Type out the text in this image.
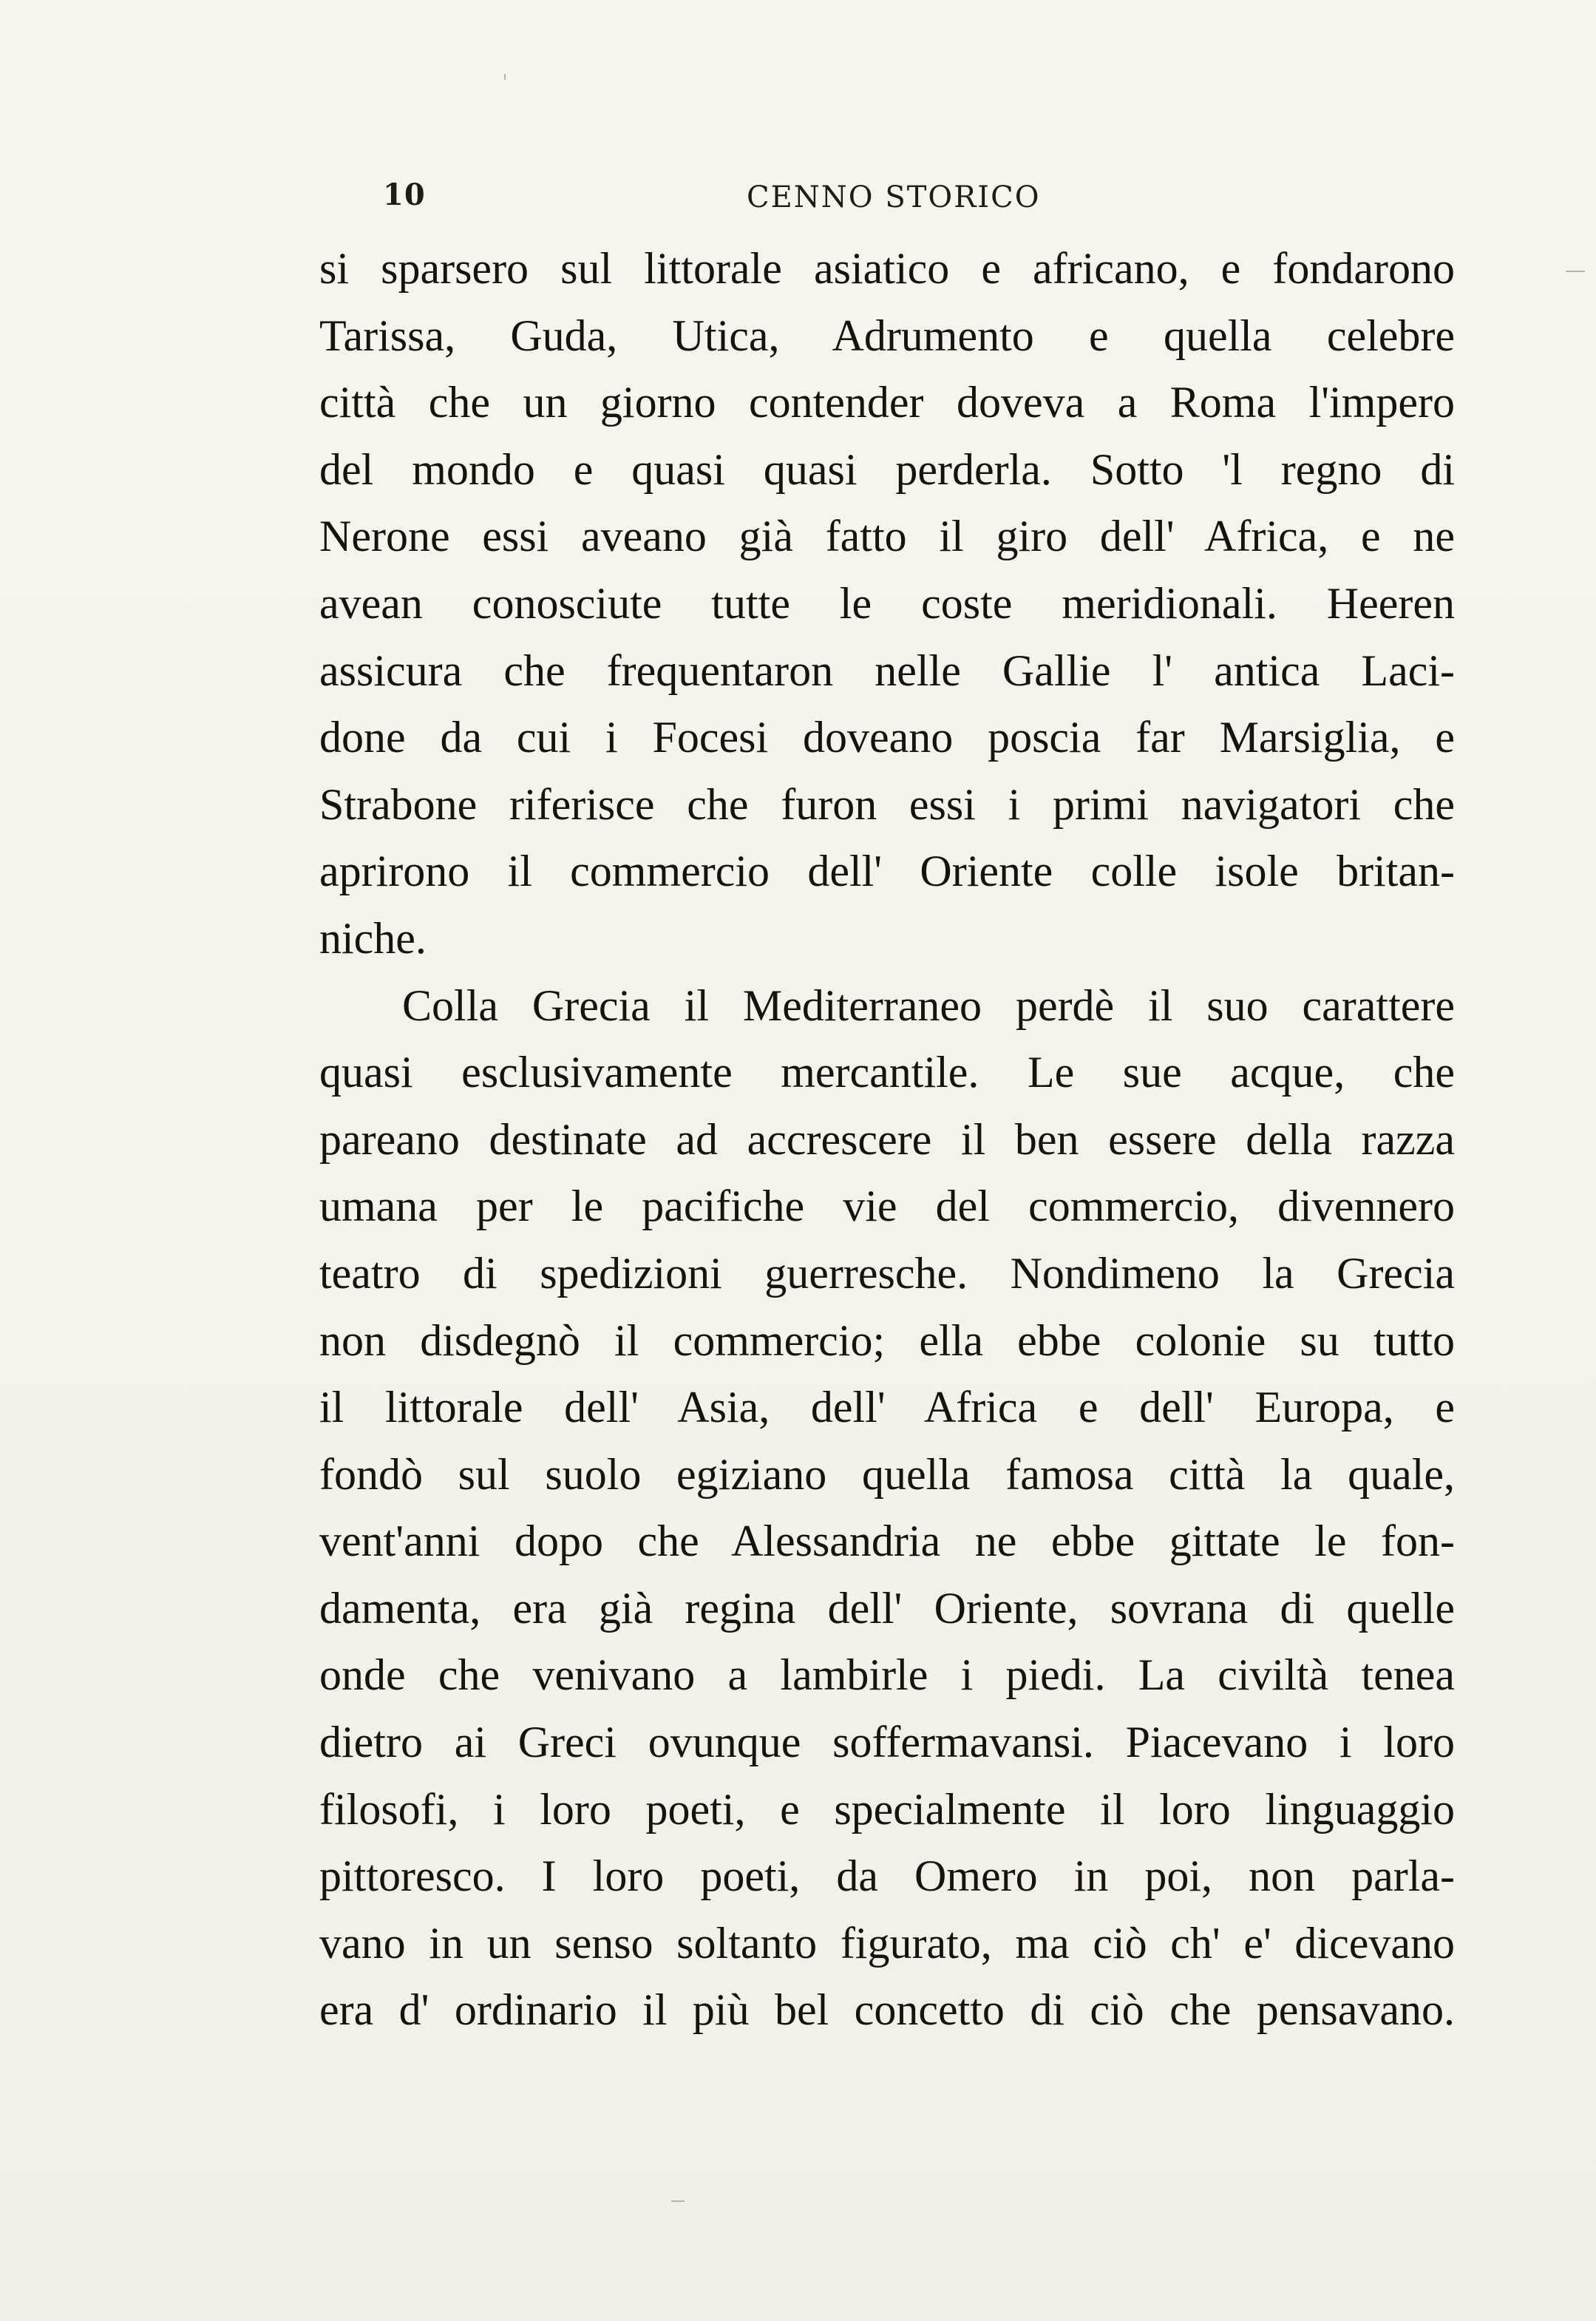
10	CENNO STORICO
si sparsero sul littorale asiatico e africano, e fondarono
Tarissa, Guda, Utica, Adrumento e quella celebre
città che un giorno contender doveva a Roma l'impero
del mondo e quasi quasi perderla. Sotto 'l regno di
Nerone essi aveano già fatto il giro dell' Africa, e ne
avean conosciute tutte le coste meridionali. Heeren
assicura che frequentaron nelle Gallie l' antica Laci-
done da cui i Focesi doveano poscia far Marsiglia, e
Strabone riferisce che furon essi i primi navigatori che
aprirono il commercio dell' Oriente colle isole britan-
niche.
Colla Grecia il Mediterraneo perdè il suo carattere
quasi esclusivamente mercantile. Le sue acque, che
pareano destinate ad accrescere il ben essere della razza
umana per le pacifiche vie del commercio, divennero
teatro di spedizioni guerresche. Nondimeno la Grecia
non disdegnò il commercio; ella ebbe colonie su tutto
il littorale dell' Asia, dell' Africa e dell' Europa, e
fondò sul suolo egiziano quella famosa città la quale,
vent'anni dopo che Alessandria ne ebbe gittate le fon-
damenta, era già regina dell' Oriente, sovrana di quelle
onde che venivano a lambirle i piedi. La civiltà tenea
dietro ai Greci ovunque soffermavansi. Piacevano i loro
filosofi, i loro poeti, e specialmente il loro linguaggio
pittoresco. I loro poeti, da Omero in poi, non parla-
vano in un senso soltanto figurato, ma ciò ch' e' dicevano
era d' ordinario il più bel concetto di ciò che pensavano.
